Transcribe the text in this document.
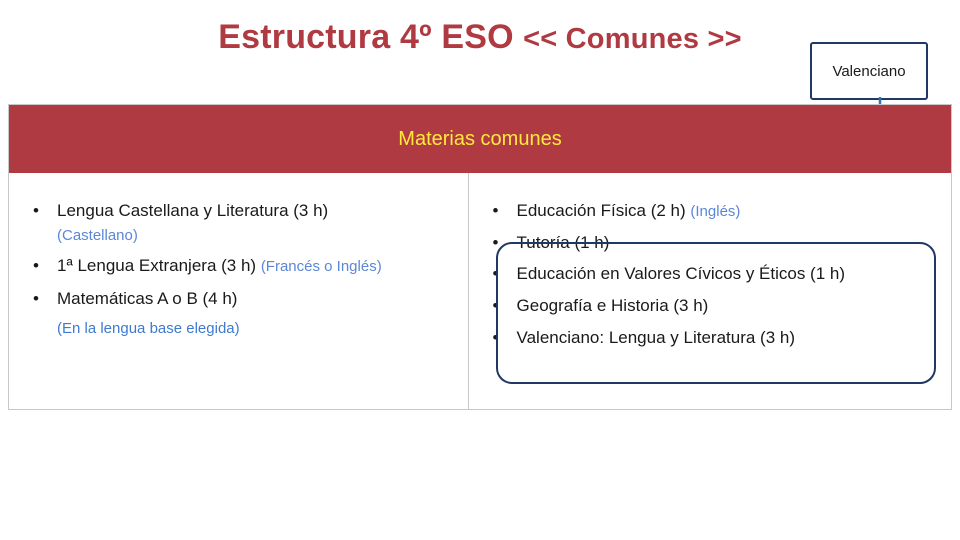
Estructura 4º ESO << Comunes >>
Valenciano
Materias comunes
• Lengua Castellana y Literatura (3 h)
(Castellano)
• 1ª Lengua Extranjera (3 h) (Francés o Inglés)
• Matemáticas A o B (4 h)
(En la lengua base elegida)
• Educación Física (2 h) (Inglés)
• Tutoría (1 h)
• Educación en Valores Cívicos y Éticos (1 h)
• Geografía e Historia (3 h)
• Valenciano: Lengua y Literatura (3 h)
